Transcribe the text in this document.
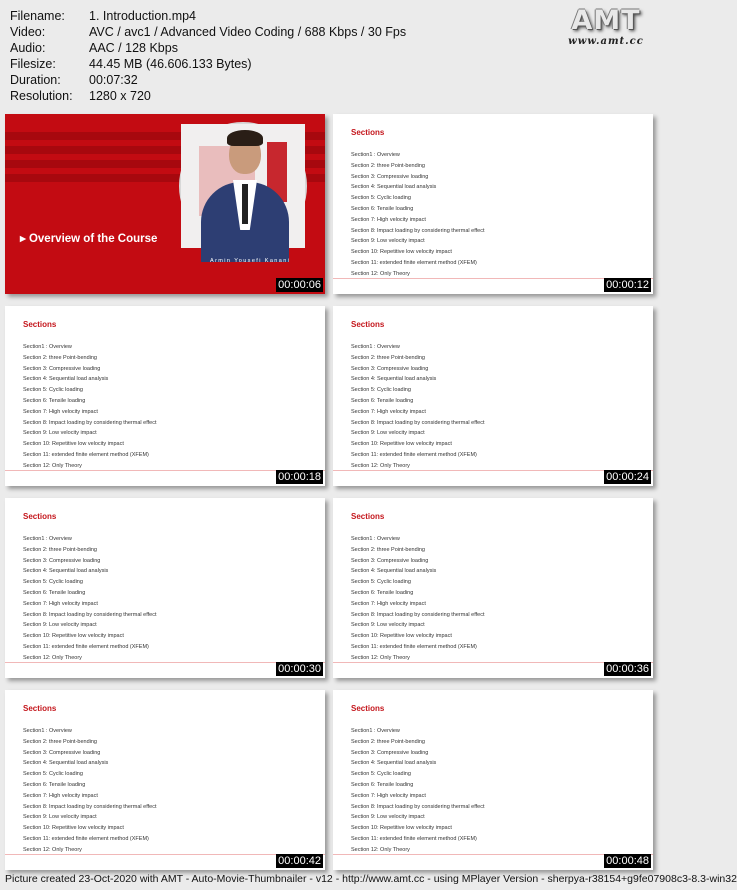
Filename: 1. Introduction.mp4
Video:	AVC / avc1 / Advanced Video Coding / 688 Kbps / 30 Fps
Audio:	AAC / 128 Kbps
Filesize:	44.45 MB (46.606.133 Bytes)
Duration: 00:07:32
Resolution: 1280 x 720
AMT
www.amt.cc
▸ Overview of the Course
Armin Yousefi Kanani
00:00:06
Sections
Section1 : Overview
Section 2: three Point-bending
Section 3: Compressive loading
Section 4: Sequential load analysis
Section 5: Cyclic loading
Section 6: Tensile loading
Section 7: High velocity impact
Section 8: Impact loading by considering thermal effect
Section 9: Low velocity impact
Section 10: Repetitive low velocity impact
Section 11: extended finite element method (XFEM)
Section 12: Only Theory
00:00:12
Sections
Section1 : Overview
Section 2: three Point-bending
Section 3: Compressive loading
Section 4: Sequential load analysis
Section 5: Cyclic loading
Section 6: Tensile loading
Section 7: High velocity impact
Section 8: Impact loading by considering thermal effect
Section 9: Low velocity impact
Section 10: Repetitive low velocity impact
Section 11: extended finite element method (XFEM)
Section 12: Only Theory
00:00:18
Sections
Section1 : Overview
Section 2: three Point-bending
Section 3: Compressive loading
Section 4: Sequential load analysis
Section 5: Cyclic loading
Section 6: Tensile loading
Section 7: High velocity impact
Section 8: Impact loading by considering thermal effect
Section 9: Low velocity impact
Section 10: Repetitive low velocity impact
Section 11: extended finite element method (XFEM)
Section 12: Only Theory
00:00:24
Sections
Section1 : Overview
Section 2: three Point-bending
Section 3: Compressive loading
Section 4: Sequential load analysis
Section 5: Cyclic loading
Section 6: Tensile loading
Section 7: High velocity impact
Section 8: Impact loading by considering thermal effect
Section 9: Low velocity impact
Section 10: Repetitive low velocity impact
Section 11: extended finite element method (XFEM)
Section 12: Only Theory
00:00:30
Sections
Section1 : Overview
Section 2: three Point-bending
Section 3: Compressive loading
Section 4: Sequential load analysis
Section 5: Cyclic loading
Section 6: Tensile loading
Section 7: High velocity impact
Section 8: Impact loading by considering thermal effect
Section 9: Low velocity impact
Section 10: Repetitive low velocity impact
Section 11: extended finite element method (XFEM)
Section 12: Only Theory
00:00:36
Sections
Section1 : Overview
Section 2: three Point-bending
Section 3: Compressive loading
Section 4: Sequential load analysis
Section 5: Cyclic loading
Section 6: Tensile loading
Section 7: High velocity impact
Section 8: Impact loading by considering thermal effect
Section 9: Low velocity impact
Section 10: Repetitive low velocity impact
Section 11: extended finite element method (XFEM)
Section 12: Only Theory
00:00:42
Sections
Section1 : Overview
Section 2: three Point-bending
Section 3: Compressive loading
Section 4: Sequential load analysis
Section 5: Cyclic loading
Section 6: Tensile loading
Section 7: High velocity impact
Section 8: Impact loading by considering thermal effect
Section 9: Low velocity impact
Section 10: Repetitive low velocity impact
Section 11: extended finite element method (XFEM)
Section 12: Only Theory
00:00:48
Picture created 23-Oct-2020 with AMT - Auto-Movie-Thumbnailer - v12 - http://www.amt.cc - using MPlayer Version - sherpya-r38154+g9fe07908c3-8.3-win32
